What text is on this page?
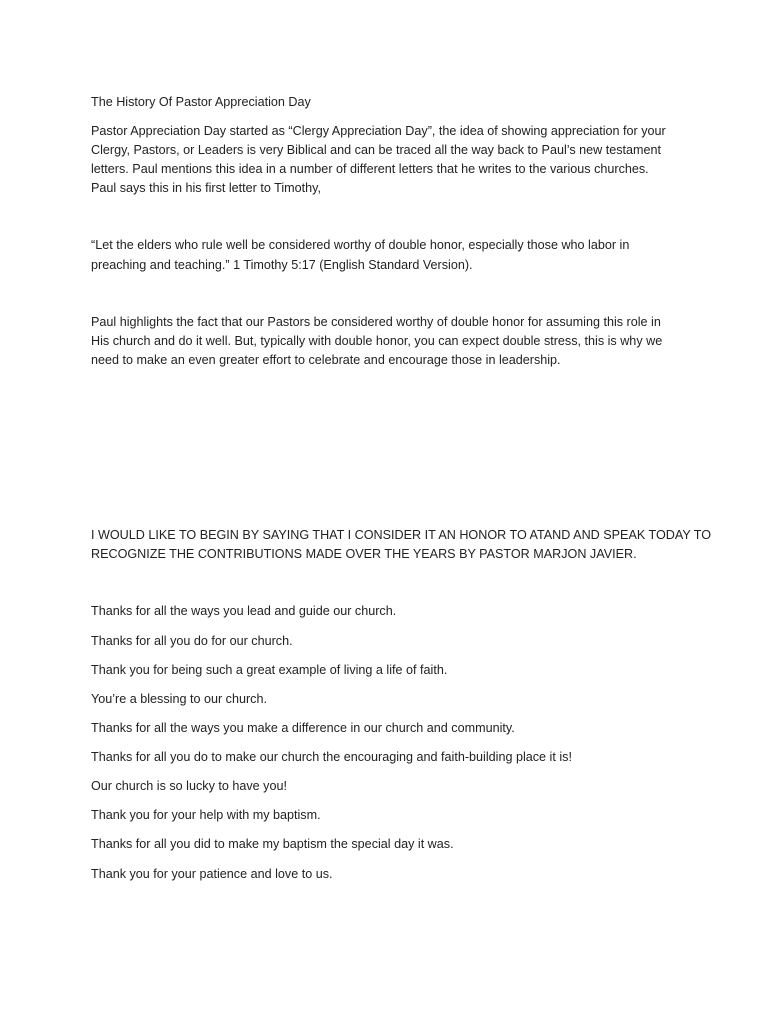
The History Of Pastor Appreciation Day

Pastor Appreciation Day started as “Clergy Appreciation Day”, the idea of showing appreciation for your

Clergy, Pastors, or Leaders is very Biblical and can be traced all the way back to Paul’s new testament

letters. Paul mentions this idea in a number of different letters that he writes to the various churches.

Paul says this in his first letter to Timothy,

“Let the elders who rule well be considered worthy of double honor, especially those who labor in

preaching and teaching.” 1 Timothy 5:17 (English Standard Version).

Paul highlights the fact that our Pastors be considered worthy of double honor for assuming this role in

His church and do it well. But, typically with double honor, you can expect double stress, this is why we

need to make an even greater effort to celebrate and encourage those in leadership.

I WOULD LIKE TO BEGIN BY SAYING THAT I CONSIDER IT AN HONOR TO ATAND AND SPEAK TODAY TO

RECOGNIZE THE CONTRIBUTIONS MADE OVER THE YEARS BY PASTOR MARJON JAVIER.

Thanks for all the ways you lead and guide our church.

Thanks for all you do for our church.

Thank you for being such a great example of living a life of faith.

You’re a blessing to our church.

Thanks for all the ways you make a difference in our church and community.

Thanks for all you do to make our church the encouraging and faith-building place it is!

Our church is so lucky to have you!

Thank you for your help with my baptism.

Thanks for all you did to make my baptism the special day it was.

Thank you for your patience and love to us.
